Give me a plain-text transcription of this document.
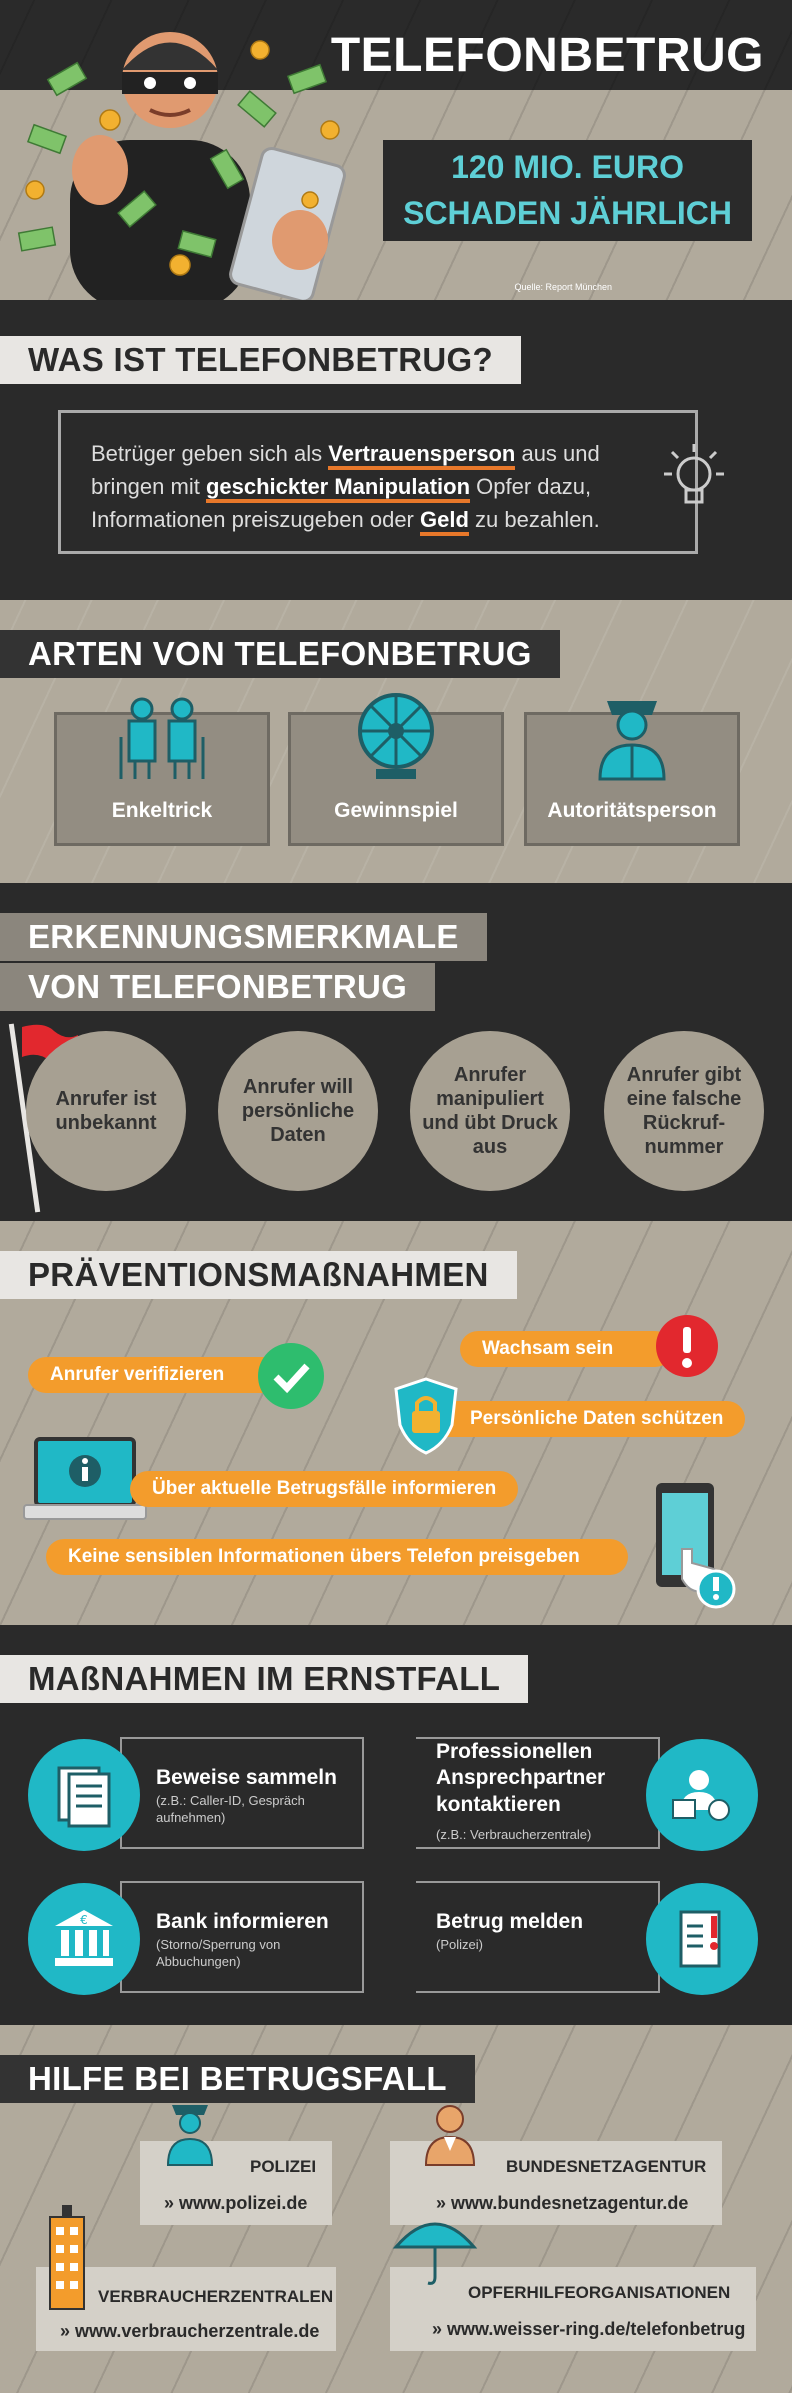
TELEFONBETRUG
120 MIO. EURO
SCHADEN JÄHRLICH
Quelle: Report München
WAS IST TELEFONBETRUG?
Betrüger geben sich als Vertrauensperson aus und bringen mit geschickter Manipulation Opfer dazu, Informationen preiszugeben oder Geld zu bezahlen.
ARTEN VON TELEFONBETRUG
Enkeltrick	Gewinnspiel	Autoritätsperson
ERKENNUNGSMERKMALE
VON TELEFONBETRUG
Anrufer ist unbekannt
Anrufer will persönliche Daten
Anrufer manipuliert und übt Druck aus
Anrufer gibt eine falsche Rückruf-nummer
PRÄVENTIONSMAßNAHMEN
Anrufer verifizieren
Wachsam sein
Persönliche Daten schützen
Über aktuelle Betrugsfälle informieren
Keine sensiblen Informationen übers Telefon preisgeben
MAßNAHMEN IM ERNSTFALL
Beweise sammeln
(z.B.: Caller-ID, Gespräch aufnehmen)
Professionellen Ansprechpartner kontaktieren
(z.B.: Verbraucherzentrale)
€	Bank informieren
(Storno/Sperrung von Abbuchungen)
Betrug melden
(Polizei)
HILFE BEI BETRUGSFALL
POLIZEI
» www.polizei.de
BUNDESNETZAGENTUR
» www.bundesnetzagentur.de
VERBRAUCHERZENTRALEN
» www.verbraucherzentrale.de
OPFERHILFEORGANISATIONEN
» www.weisser-ring.de/telefonbetrug
